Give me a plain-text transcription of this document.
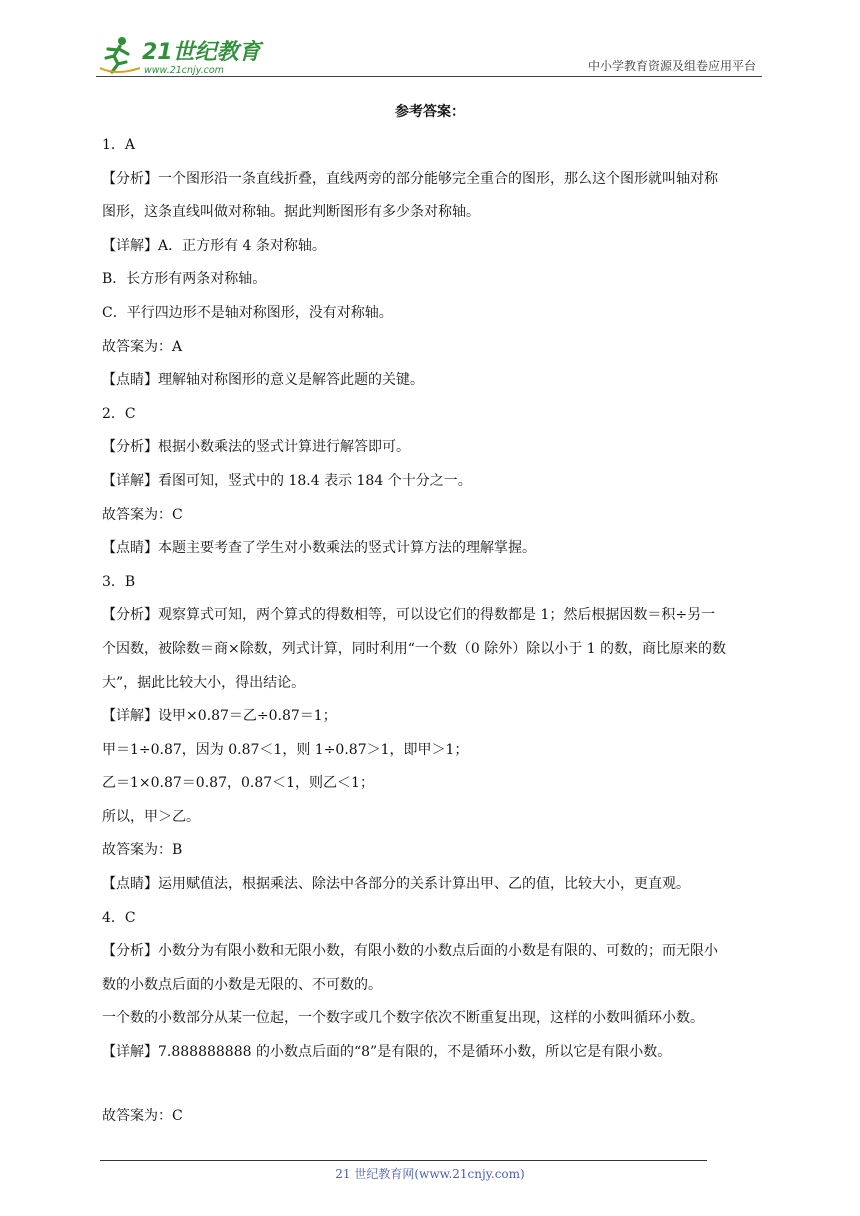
21世纪教育
www.21cnjy.com	中小学教育资源及组卷应用平台
参考答案：
1．A
【分析】一个图形沿一条直线折叠，直线两旁的部分能够完全重合的图形，那么这个图形就叫轴对称
图形，这条直线叫做对称轴。据此判断图形有多少条对称轴。
【详解】A．正方形有 4 条对称轴。
B．长方形有两条对称轴。
C．平行四边形不是轴对称图形，没有对称轴。
故答案为：A
【点睛】理解轴对称图形的意义是解答此题的关键。
2．C
【分析】根据小数乘法的竖式计算进行解答即可。
【详解】看图可知，竖式中的 18.4 表示 184 个十分之一。
故答案为：C
【点睛】本题主要考查了学生对小数乘法的竖式计算方法的理解掌握。
3．B
【分析】观察算式可知，两个算式的得数相等，可以设它们的得数都是 1；然后根据因数＝积÷另一
个因数，被除数＝商×除数，列式计算，同时利用“一个数（0 除外）除以小于 1 的数，商比原来的数
大”，据此比较大小，得出结论。
【详解】设甲×0.87＝乙÷0.87＝1；
甲＝1÷0.87，因为 0.87＜1，则 1÷0.87＞1，即甲＞1；
乙＝1×0.87＝0.87，0.87＜1，则乙＜1；
所以，甲＞乙。
故答案为：B
【点睛】运用赋值法，根据乘法、除法中各部分的关系计算出甲、乙的值，比较大小，更直观。
4．C
【分析】小数分为有限小数和无限小数，有限小数的小数点后面的小数是有限的、可数的；而无限小
数的小数点后面的小数是无限的、不可数的。
一个数的小数部分从某一位起，一个数字或几个数字依次不断重复出现，这样的小数叫循环小数。
【详解】7.888888888 的小数点后面的“8”是有限的，不是循环小数，所以它是有限小数。
故答案为：C
21 世纪教育网(www.21cnjy.com)
